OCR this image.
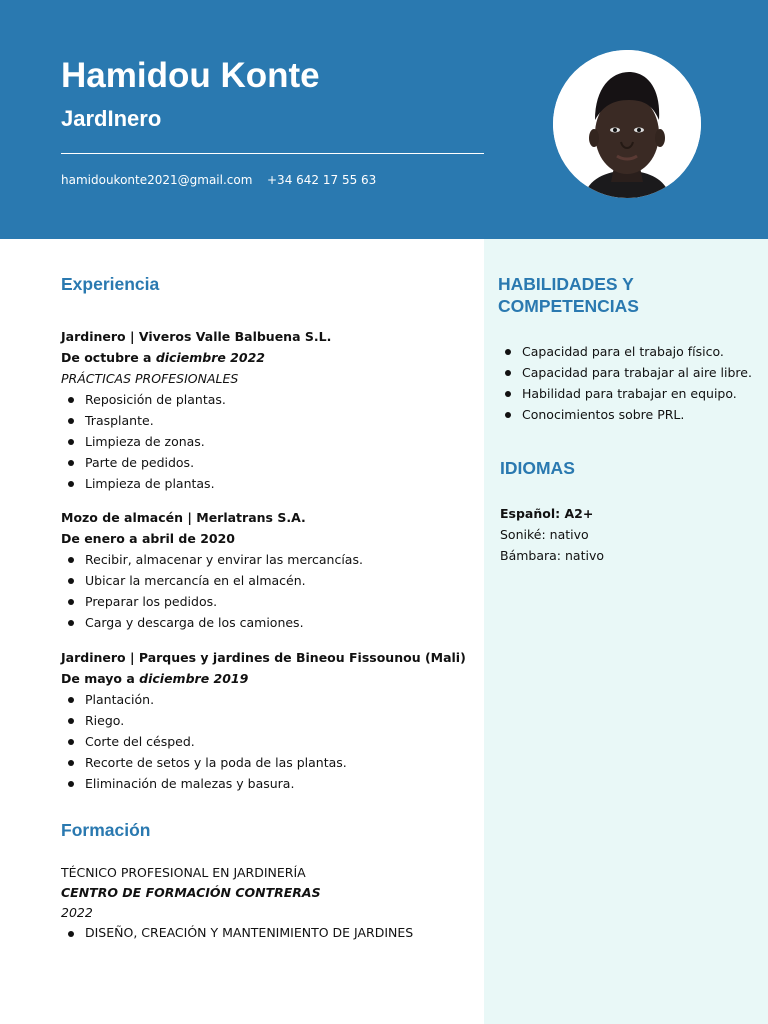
Hamidou Konte
JardInero
hamidoukonte2021@gmail.com +34 642 17 55 63
Experiencia
Jardinero | Viveros Valle Balbuena S.L.
De octubre a diciembre 2022
PRÁCTICAS PROFESIONALES
Reposición de plantas.
Trasplante.
Limpieza de zonas.
Parte de pedidos.
Limpieza de plantas.
Mozo de almacén | Merlatrans S.A.
De enero a abril de 2020
Recibir, almacenar y envirar las mercancías.
Ubicar la mercancía en el almacén.
Preparar los pedidos.
Carga y descarga de los camiones.
Jardinero | Parques y jardines de Bineou Fissounou (Mali)
De mayo a diciembre 2019
Plantación.
Riego.
Corte del césped.
Recorte de setos y la poda de las plantas.
Eliminación de malezas y basura.
Formación
TÉCNICO PROFESIONAL EN JARDINERÍA
CENTRO DE FORMACIÓN CONTRERAS
2022
DISEÑO, CREACIÓN Y MANTENIMIENTO DE JARDINES
HABILIDADES Y
COMPETENCIAS
Capacidad para el trabajo físico.
Capacidad para trabajar al aire libre.
Habilidad para trabajar en equipo.
Conocimientos sobre PRL.
IDIOMAS
Español: A2+
Soniké: nativo
Bámbara: nativo
